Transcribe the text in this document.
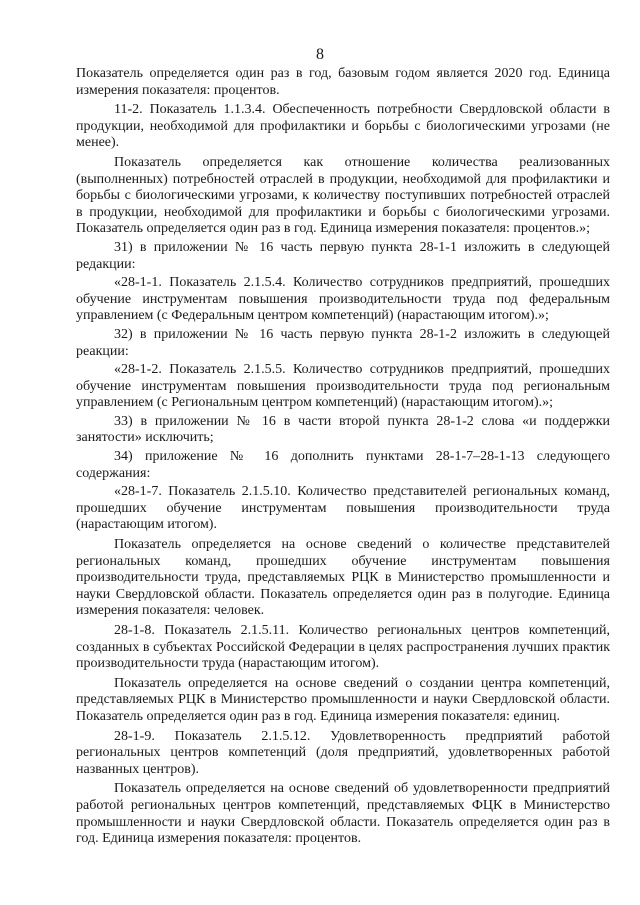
8

Показатель определяется один раз в год, базовым годом является 2020 год. Единица измерения показателя: процентов.

11-2. Показатель 1.1.3.4. Обеспеченность потребности Свердловской области в продукции, необходимой для профилактики и борьбы с биологическими угрозами (не менее).

Показатель определяется как отношение количества реализованных (выполненных) потребностей отраслей в продукции, необходимой для профилактики и борьбы с биологическими угрозами, к количеству поступивших потребностей отраслей в продукции, необходимой для профилактики и борьбы с биологическими угрозами. Показатель определяется один раз в год. Единица измерения показателя: процентов.»;

31) в приложении № 16 часть первую пункта 28-1-1 изложить в следующей редакции:

«28-1-1. Показатель 2.1.5.4. Количество сотрудников предприятий, прошедших обучение инструментам повышения производительности труда под федеральным управлением (с Федеральным центром компетенций) (нарастающим итогом).»;

32) в приложении № 16 часть первую пункта 28-1-2 изложить в следующей реакции:

«28-1-2. Показатель 2.1.5.5. Количество сотрудников предприятий, прошедших обучение инструментам повышения производительности труда под региональным управлением (с Региональным центром компетенций) (нарастающим итогом).»;

33) в приложении № 16 в части второй пункта 28-1-2 слова «и поддержки занятости» исключить;

34) приложение № 16 дополнить пунктами 28-1-7–28-1-13 следующего содержания:

«28-1-7. Показатель 2.1.5.10. Количество представителей региональных команд, прошедших обучение инструментам повышения производительности труда (нарастающим итогом).

Показатель определяется на основе сведений о количестве представителей региональных команд, прошедших обучение инструментам повышения производительности труда, представляемых РЦК в Министерство промышленности и науки Свердловской области. Показатель определяется один раз в полугодие. Единица измерения показателя: человек.

28-1-8. Показатель 2.1.5.11. Количество региональных центров компетенций, созданных в субъектах Российской Федерации в целях распространения лучших практик производительности труда (нарастающим итогом).

Показатель определяется на основе сведений о создании центра компетенций, представляемых РЦК в Министерство промышленности и науки Свердловской области. Показатель определяется один раз в год. Единица измерения показателя: единиц.

28-1-9. Показатель 2.1.5.12. Удовлетворенность предприятий работой региональных центров компетенций (доля предприятий, удовлетворенных работой названных центров).

Показатель определяется на основе сведений об удовлетворенности предприятий работой региональных центров компетенций, представляемых ФЦК в Министерство промышленности и науки Свердловской области. Показатель определяется один раз в год. Единица измерения показателя: процентов.
